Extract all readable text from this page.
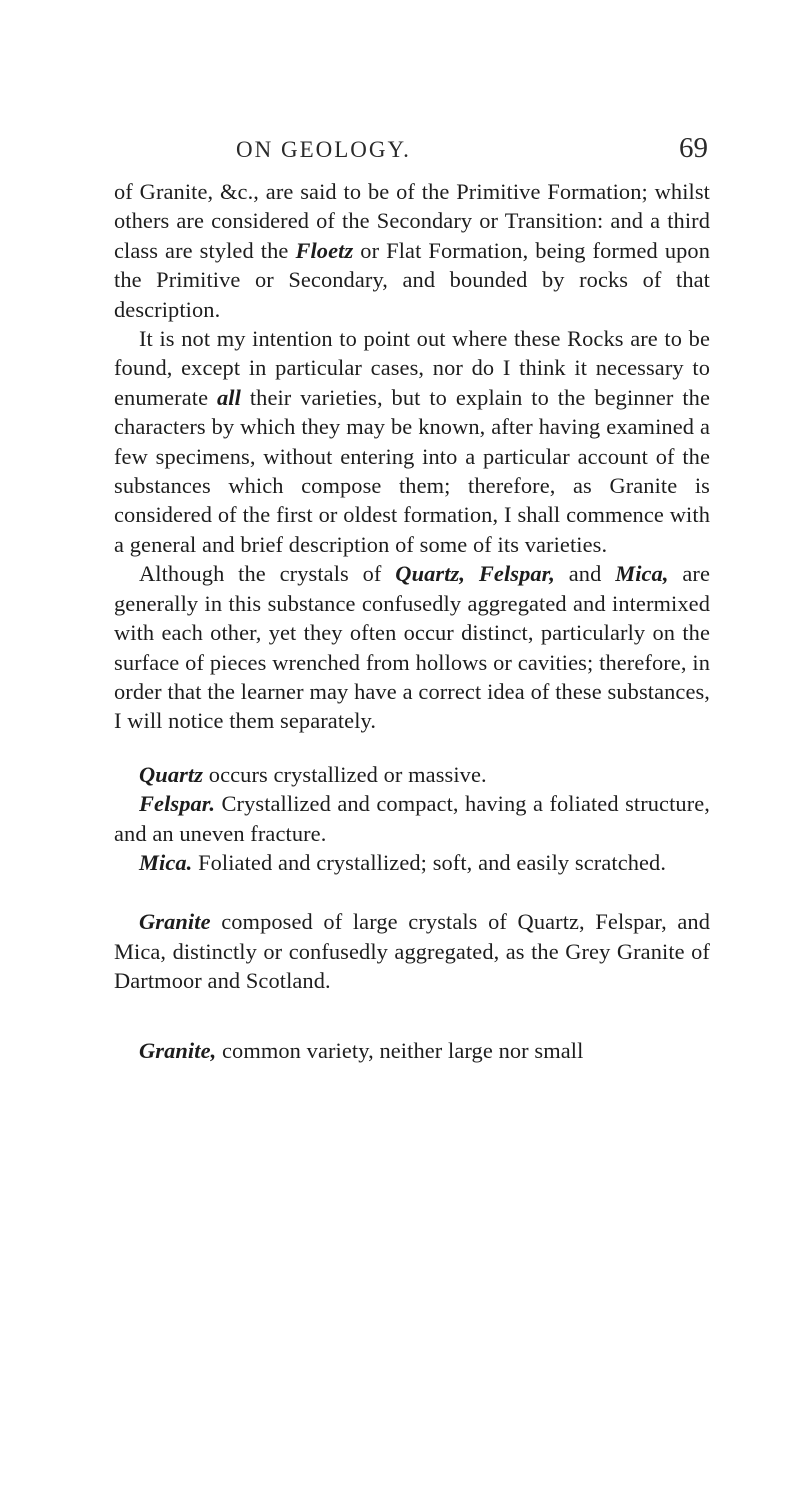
ON GEOLOGY.	69

of Granite, &c., are said to be of the Primitive Formation; whilst others are considered of the Secondary or Transition: and a third class are styled the Floetz or Flat Formation, being formed upon the Primitive or Secondary, and bounded by rocks of that description.

It is not my intention to point out where these Rocks are to be found, except in particular cases, nor do I think it necessary to enumerate all their varieties, but to explain to the beginner the characters by which they may be known, after having examined a few specimens, without entering into a particular account of the substances which compose them; therefore, as Granite is considered of the first or oldest formation, I shall commence with a general and brief description of some of its varieties.

Although the crystals of Quartz, Felspar, and Mica, are generally in this substance confusedly aggregated and intermixed with each other, yet they often occur distinct, particularly on the surface of pieces wrenched from hollows or cavities; therefore, in order that the learner may have a correct idea of these substances, I will notice them separately.

Quartz occurs crystallized or massive.

Felspar. Crystallized and compact, having a foliated structure, and an uneven fracture.

Mica. Foliated and crystallized; soft, and easily scratched.

Granite composed of large crystals of Quartz, Felspar, and Mica, distinctly or confusedly aggregated, as the Grey Granite of Dartmoor and Scotland.

Granite, common variety, neither large nor small
